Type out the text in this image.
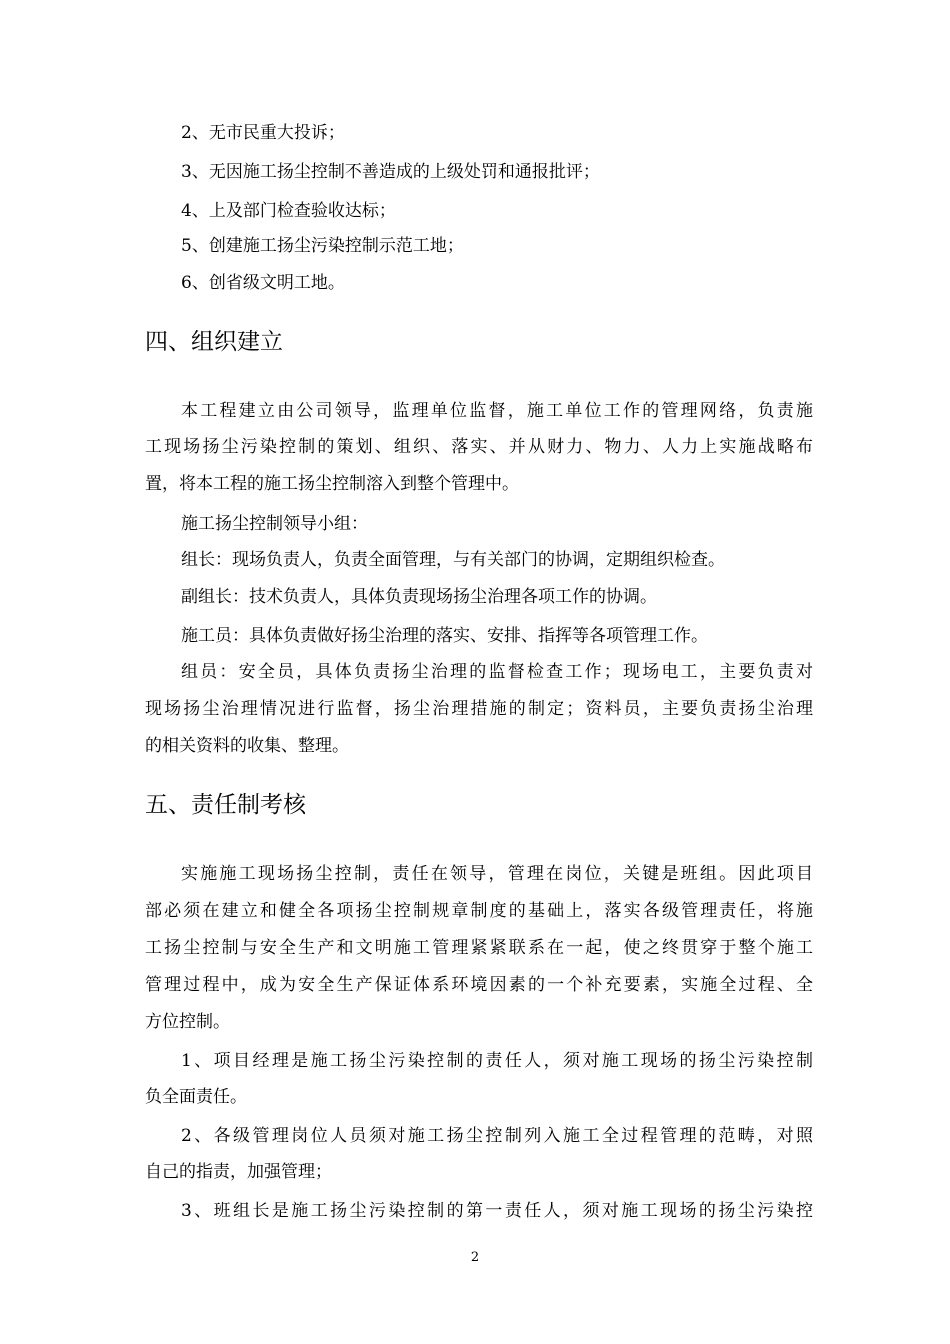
2、无市民重大投诉；
3、无因施工扬尘控制不善造成的上级处罚和通报批评；
4、上及部门检查验收达标；
5、创建施工扬尘污染控制示范工地；
6、创省级文明工地。
四、组织建立
本工程建立由公司领导，监理单位监督，施工单位工作的管理网络，负责施
工现场扬尘污染控制的策划、组织、落实、并从财力、物力、人力上实施战略布
置，将本工程的施工扬尘控制溶入到整个管理中。
施工扬尘控制领导小组：
组长：现场负责人，负责全面管理，与有关部门的协调，定期组织检查。
副组长：技术负责人，具体负责现场扬尘治理各项工作的协调。
施工员：具体负责做好扬尘治理的落实、安排、指挥等各项管理工作。
组员：安全员，具体负责扬尘治理的监督检查工作；现场电工，主要负责对
现场扬尘治理情况进行监督，扬尘治理措施的制定；资料员，主要负责扬尘治理
的相关资料的收集、整理。
五、责任制考核
实施施工现场扬尘控制，责任在领导，管理在岗位，关键是班组。因此项目
部必须在建立和健全各项扬尘控制规章制度的基础上，落实各级管理责任，将施
工扬尘控制与安全生产和文明施工管理紧紧联系在一起，使之终贯穿于整个施工
管理过程中，成为安全生产保证体系环境因素的一个补充要素，实施全过程、全
方位控制。
1、项目经理是施工扬尘污染控制的责任人，须对施工现场的扬尘污染控制
负全面责任。
2、各级管理岗位人员须对施工扬尘控制列入施工全过程管理的范畴，对照
自己的指责，加强管理；
3、班组长是施工扬尘污染控制的第一责任人，须对施工现场的扬尘污染控
2
